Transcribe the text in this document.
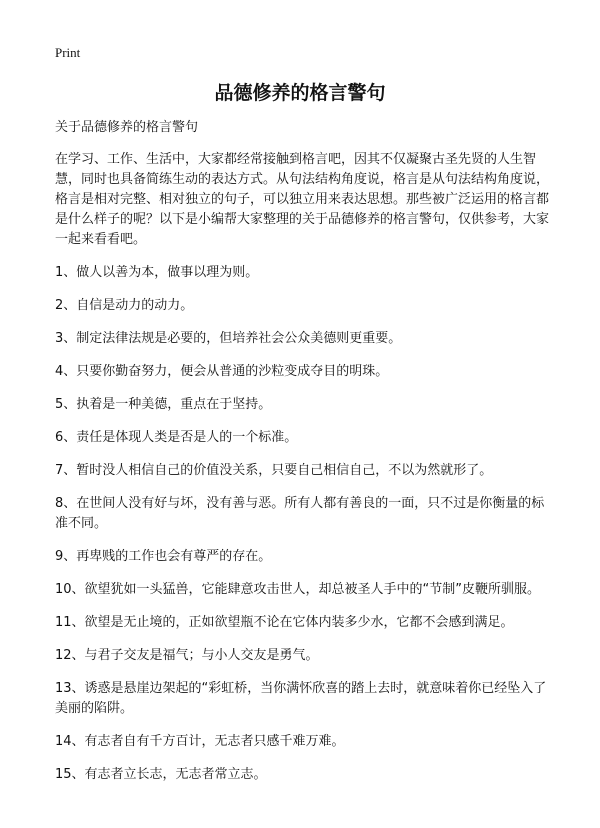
Print
品德修养的格言警句

关于品德修养的格言警句

在学习、工作、生活中，大家都经常接触到格言吧，因其不仅凝聚古圣先贤的人生智慧，同时也具备简练生动的表达方式。从句法结构角度说，格言是从句法结构角度说，格言是相对完整、相对独立的句子，可以独立用来表达思想。那些被广泛运用的格言都是什么样子的呢？以下是小编帮大家整理的关于品德修养的格言警句，仅供参考，大家一起来看看吧。

1、做人以善为本，做事以理为则。
2、自信是动力的动力。
3、制定法律法规是必要的，但培养社会公众美德则更重要。
4、只要你勤奋努力，便会从普通的沙粒变成夺目的明珠。
5、执着是一种美德，重点在于坚持。
6、责任是体现人类是否是人的一个标准。
7、暂时没人相信自己的价值没关系，只要自己相信自己，不以为然就形了。
8、在世间人没有好与坏，没有善与恶。所有人都有善良的一面，只不过是你衡量的标准不同。
9、再卑贱的工作也会有尊严的存在。
10、欲望犹如一头猛兽，它能肆意攻击世人，却总被圣人手中的“节制”皮鞭所驯服。
11、欲望是无止境的，正如欲望瓶不论在它体内装多少水，它都不会感到满足。
12、与君子交友是福气；与小人交友是勇气。
13、诱惑是悬崖边架起的“彩虹桥，当你满怀欣喜的踏上去时，就意味着你已经坠入了美丽的陷阱。
14、有志者自有千方百计，无志者只感千难万难。
15、有志者立长志，无志者常立志。
